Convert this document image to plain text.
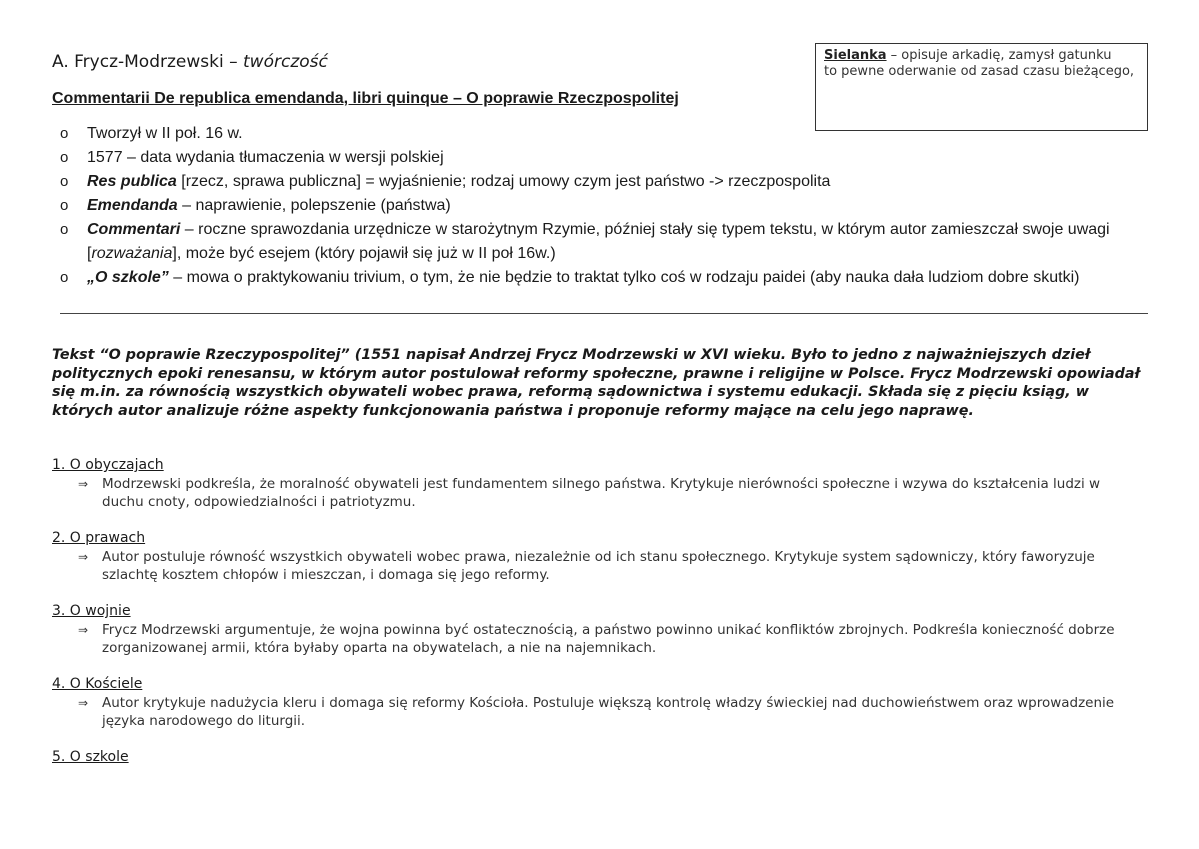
A. Frycz-Modrzewski – twórczość
Commentarii De republica emendanda, libri quinque – O poprawie Rzeczpospolitej
Sielanka – opisuje arkadię, zamysł gatunku
to pewne oderwanie od zasad czasu bieżącego,
o Tworzył w II poł. 16 w.
o 1577 – data wydania tłumaczenia w wersji polskiej
o Res publica [rzecz, sprawa publiczna] = wyjaśnienie; rodzaj umowy czym jest państwo -> rzeczpospolita
o Emendanda – naprawienie, polepszenie (państwa)
o Commentari – roczne sprawozdania urzędnicze w starożytnym Rzymie, później stały się typem tekstu, w którym autor zamieszczał swoje uwagi [rozważania], może być esejem (który pojawił się już w II poł 16w.)
o „O szkole” – mowa o praktykowaniu trivium, o tym, że nie będzie to traktat tylko coś w rodzaju paidei (aby nauka dała ludziom dobre skutki)

Tekst “O poprawie Rzeczypospolitej” (1551 napisał Andrzej Frycz Modrzewski w XVI wieku. Było to jedno z najważniejszych dzieł politycznych epoki renesansu, w którym autor postulował reformy społeczne, prawne i religijne w Polsce. Frycz Modrzewski opowiadał się m.in. za równością wszystkich obywateli wobec prawa, reformą sądownictwa i systemu edukacji. Składa się z pięciu ksiąg, w których autor analizuje różne aspekty funkcjonowania państwa i proponuje reformy mające na celu jego naprawę.

1. O obyczajach
⇒ Modrzewski podkreśla, że moralność obywateli jest fundamentem silnego państwa. Krytykuje nierówności społeczne i wzywa do kształcenia ludzi w duchu cnoty, odpowiedzialności i patriotyzmu.
2. O prawach
⇒ Autor postuluje równość wszystkich obywateli wobec prawa, niezależnie od ich stanu społecznego. Krytykuje system sądowniczy, który faworyzuje szlachtę kosztem chłopów i mieszczan, i domaga się jego reformy.
3. O wojnie
⇒ Frycz Modrzewski argumentuje, że wojna powinna być ostatecznością, a państwo powinno unikać konfliktów zbrojnych. Podkreśla konieczność dobrze zorganizowanej armii, która byłaby oparta na obywatelach, a nie na najemnikach.
4. O Kościele
⇒ Autor krytykuje nadużycia kleru i domaga się reformy Kościoła. Postuluje większą kontrolę władzy świeckiej nad duchowieństwem oraz wprowadzenie języka narodowego do liturgii.
5. O szkole
